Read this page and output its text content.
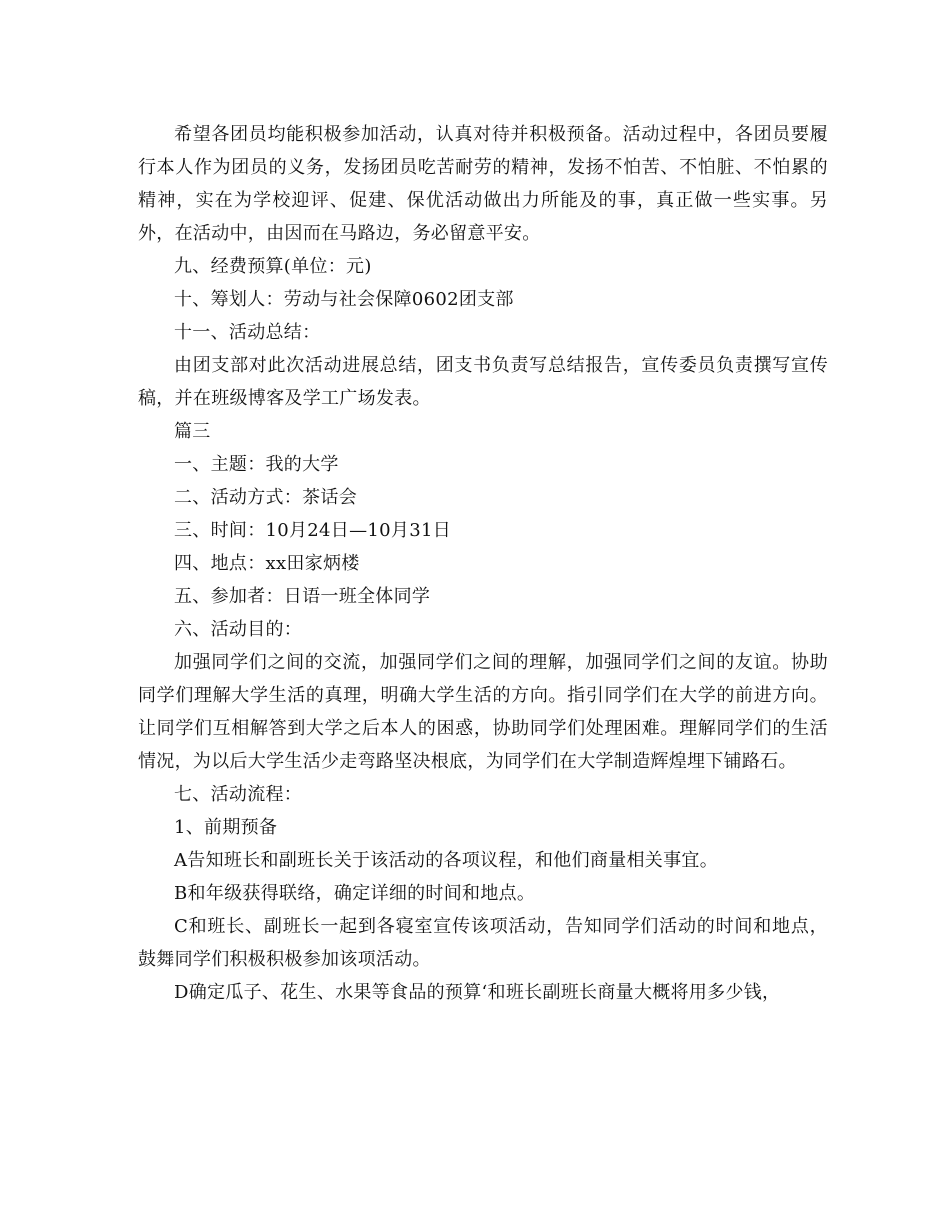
希望各团员均能积极参加活动，认真对待并积极预备。活动过程中，各团员要履行本人作为团员的义务，发扬团员吃苦耐劳的精神，发扬不怕苦、不怕脏、不怕累的精神，实在为学校迎评、促建、保优活动做出力所能及的事，真正做一些实事。另外，在活动中，由因而在马路边，务必留意平安。

九、经费预算(单位：元)

十、筹划人：劳动与社会保障0602团支部

十一、活动总结：

由团支部对此次活动进展总结，团支书负责写总结报告，宣传委员负责撰写宣传稿，并在班级博客及学工广场发表。

篇三

一、主题：我的大学

二、活动方式：茶话会

三、时间：10月24日—10月31日

四、地点：xx田家炳楼

五、参加者：日语一班全体同学

六、活动目的：

加强同学们之间的交流，加强同学们之间的理解，加强同学们之间的友谊。协助同学们理解大学生活的真理，明确大学生活的方向。指引同学们在大学的前进方向。让同学们互相解答到大学之后本人的困惑，协助同学们处理困难。理解同学们的生活情况，为以后大学生活少走弯路坚决根底，为同学们在大学制造辉煌埋下铺路石。

七、活动流程：

1、前期预备

A告知班长和副班长关于该活动的各项议程，和他们商量相关事宜。

B和年级获得联络，确定详细的时间和地点。

C和班长、副班长一起到各寝室宣传该项活动，告知同学们活动的时间和地点，鼓舞同学们积极积极参加该项活动。

D确定瓜子、花生、水果等食品的预算‘和班长副班长商量大概将用多少钱，
